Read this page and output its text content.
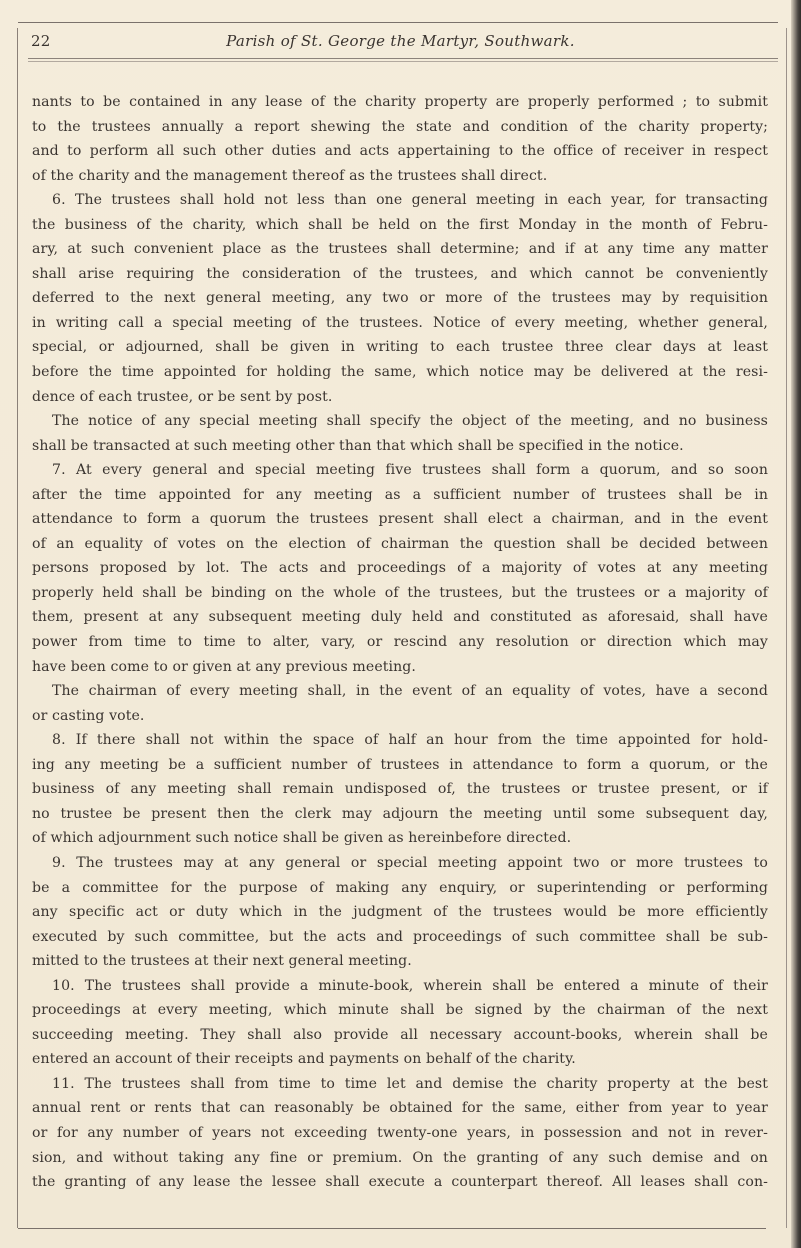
22	Parish of St. George the Martyr, Southwark.
nants to be contained in any lease of the charity property are properly performed ; to submit
to the trustees annually a report shewing the state and condition of the charity property;
and to perform all such other duties and acts appertaining to the office of receiver in respect
of the charity and the management thereof as the trustees shall direct.
6. The trustees shall hold not less than one general meeting in each year, for transacting
the business of the charity, which shall be held on the first Monday in the month of Febru-
ary, at such convenient place as the trustees shall determine; and if at any time any matter
shall arise requiring the consideration of the trustees, and which cannot be conveniently
deferred to the next general meeting, any two or more of the trustees may by requisition
in writing call a special meeting of the trustees. Notice of every meeting, whether general,
special, or adjourned, shall be given in writing to each trustee three clear days at least
before the time appointed for holding the same, which notice may be delivered at the resi-
dence of each trustee, or be sent by post.
The notice of any special meeting shall specify the object of the meeting, and no business
shall be transacted at such meeting other than that which shall be specified in the notice.
7. At every general and special meeting five trustees shall form a quorum, and so soon
after the time appointed for any meeting as a sufficient number of trustees shall be in
attendance to form a quorum the trustees present shall elect a chairman, and in the event
of an equality of votes on the election of chairman the question shall be decided between
persons proposed by lot. The acts and proceedings of a majority of votes at any meeting
properly held shall be binding on the whole of the trustees, but the trustees or a majority of
them, present at any subsequent meeting duly held and constituted as aforesaid, shall have
power from time to time to alter, vary, or rescind any resolution or direction which may
have been come to or given at any previous meeting.
The chairman of every meeting shall, in the event of an equality of votes, have a second
or casting vote.
8. If there shall not within the space of half an hour from the time appointed for hold-
ing any meeting be a sufficient number of trustees in attendance to form a quorum, or the
business of any meeting shall remain undisposed of, the trustees or trustee present, or if
no trustee be present then the clerk may adjourn the meeting until some subsequent day,
of which adjournment such notice shall be given as hereinbefore directed.
9. The trustees may at any general or special meeting appoint two or more trustees to
be a committee for the purpose of making any enquiry, or superintending or performing
any specific act or duty which in the judgment of the trustees would be more efficiently
executed by such committee, but the acts and proceedings of such committee shall be sub-
mitted to the trustees at their next general meeting.
10. The trustees shall provide a minute-book, wherein shall be entered a minute of their
proceedings at every meeting, which minute shall be signed by the chairman of the next
succeeding meeting. They shall also provide all necessary account-books, wherein shall be
entered an account of their receipts and payments on behalf of the charity.
11. The trustees shall from time to time let and demise the charity property at the best
annual rent or rents that can reasonably be obtained for the same, either from year to year
or for any number of years not exceeding twenty-one years, in possession and not in rever-
sion, and without taking any fine or premium. On the granting of any such demise and on
the granting of any lease the lessee shall execute a counterpart thereof. All leases shall con-
